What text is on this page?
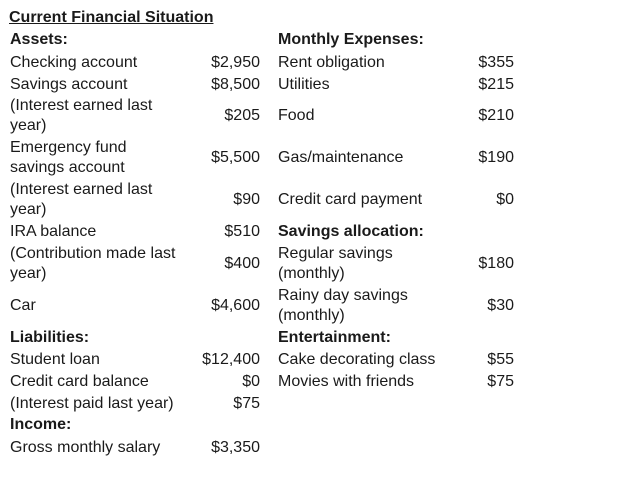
Current Financial Situation
Assets:
Checking account	$2,950
Savings account	$8,500
(Interest earned last
year)
$205
Emergency fund
savings account
$5,500
(Interest earned last
year)
$90
IRA balance	$510
(Contribution made last
year)
$400
Car	$4,600
Liabilities:
Student loan	$12,400
Credit card balance	$0
(Interest paid last year)	$75
Income:
Gross monthly salary	$3,350
Monthly Expenses:
Rent obligation	$355
Utilities	$215
Food	$210
Gas/maintenance	$190
Credit card payment	$0
Savings allocation:
Regular savings
(monthly)
$180
Rainy day savings
(monthly)
$30
Entertainment:
Cake decorating class	$55
Movies with friends	$75
